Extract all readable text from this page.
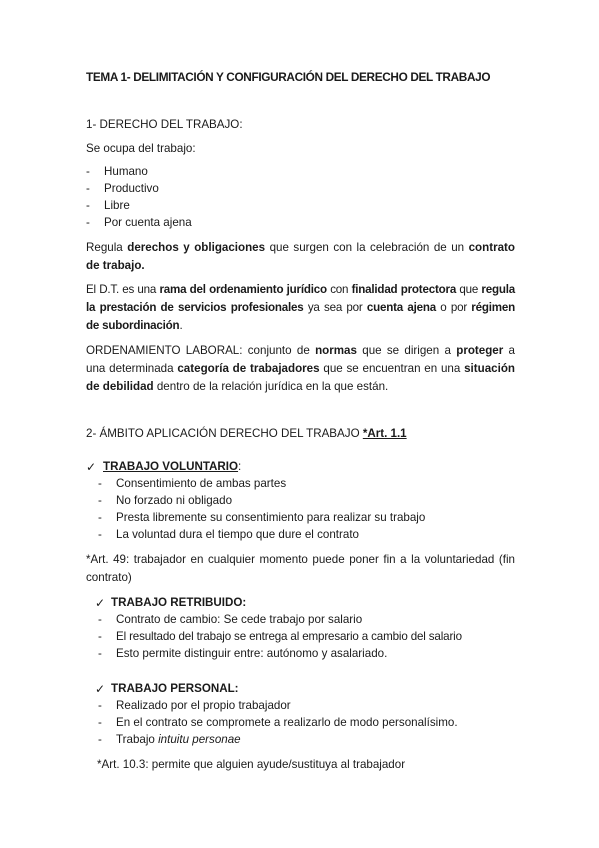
TEMA 1- DELIMITACIÓN Y CONFIGURACIÓN DEL DERECHO DEL TRABAJO
1- DERECHO DEL TRABAJO:
Se ocupa del trabajo:
- Humano
- Productivo
- Libre
- Por cuenta ajena
Regula derechos y obligaciones que surgen con la celebración de un contrato de trabajo.
El D.T. es una rama del ordenamiento jurídico con finalidad protectora que regula la prestación de servicios profesionales ya sea por cuenta ajena o por régimen de subordinación.
ORDENAMIENTO LABORAL: conjunto de normas que se dirigen a proteger a una determinada categoría de trabajadores que se encuentran en una situación de debilidad dentro de la relación jurídica en la que están.
2- ÁMBITO APLICACIÓN DERECHO DEL TRABAJO *Art. 1.1
✓ TRABAJO VOLUNTARIO:
- Consentimiento de ambas partes
- No forzado ni obligado
- Presta libremente su consentimiento para realizar su trabajo
- La voluntad dura el tiempo que dure el contrato
*Art. 49: trabajador en cualquier momento puede poner fin a la voluntariedad (fin contrato)
✓ TRABAJO RETRIBUIDO:
- Contrato de cambio: Se cede trabajo por salario
- El resultado del trabajo se entrega al empresario a cambio del salario
- Esto permite distinguir entre: autónomo y asalariado.
✓ TRABAJO PERSONAL:
- Realizado por el propio trabajador
- En el contrato se compromete a realizarlo de modo personalísimo.
- Trabajo intuitu personae
*Art. 10.3: permite que alguien ayude/sustituya al trabajador
